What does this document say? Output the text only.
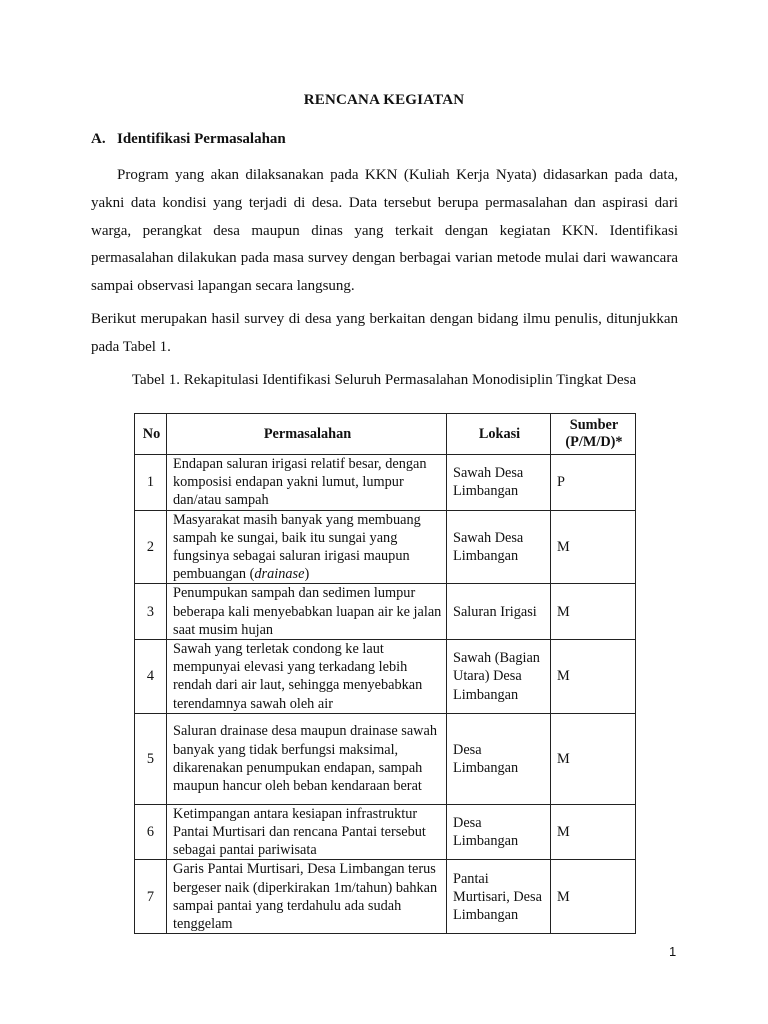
RENCANA KEGIATAN
A. Identifikasi Permasalahan
Program yang akan dilaksanakan pada KKN (Kuliah Kerja Nyata) didasarkan pada data, yakni data kondisi yang terjadi di desa. Data tersebut berupa permasalahan dan aspirasi dari warga, perangkat desa maupun dinas yang terkait dengan kegiatan KKN. Identifikasi permasalahan dilakukan pada masa survey dengan berbagai varian metode mulai dari wawancara sampai observasi lapangan secara langsung.
Berikut merupakan hasil survey di desa yang berkaitan dengan bidang ilmu penulis, ditunjukkan pada Tabel 1.
Tabel 1. Rekapitulasi Identifikasi Seluruh Permasalahan Monodisiplin Tingkat Desa
No	Permasalahan	Lokasi	Sumber (P/M/D)*
1	Endapan saluran irigasi relatif besar, dengan komposisi endapan yakni lumut, lumpur dan/atau sampah	Sawah Desa Limbangan	P
2	Masyarakat masih banyak yang membuang sampah ke sungai, baik itu sungai yang fungsinya sebagai saluran irigasi maupun pembuangan (drainase)	Sawah Desa Limbangan	M
3	Penumpukan sampah dan sedimen lumpur beberapa kali menyebabkan luapan air ke jalan saat musim hujan	Saluran Irigasi	M
4	Sawah yang terletak condong ke laut mempunyai elevasi yang terkadang lebih rendah dari air laut, sehingga menyebabkan terendamnya sawah oleh air	Sawah (Bagian Utara) Desa Limbangan	M
5	Saluran drainase desa maupun drainase sawah banyak yang tidak berfungsi maksimal, dikarenakan penumpukan endapan, sampah maupun hancur oleh beban kendaraan berat	Desa Limbangan	M
6	Ketimpangan antara kesiapan infrastruktur Pantai Murtisari dan rencana Pantai tersebut sebagai pantai pariwisata	Desa Limbangan	M
7	Garis Pantai Murtisari, Desa Limbangan terus bergeser naik (diperkirakan 1m/tahun) bahkan sampai pantai yang terdahulu ada sudah tenggelam	Pantai Murtisari, Desa Limbangan	M
1
